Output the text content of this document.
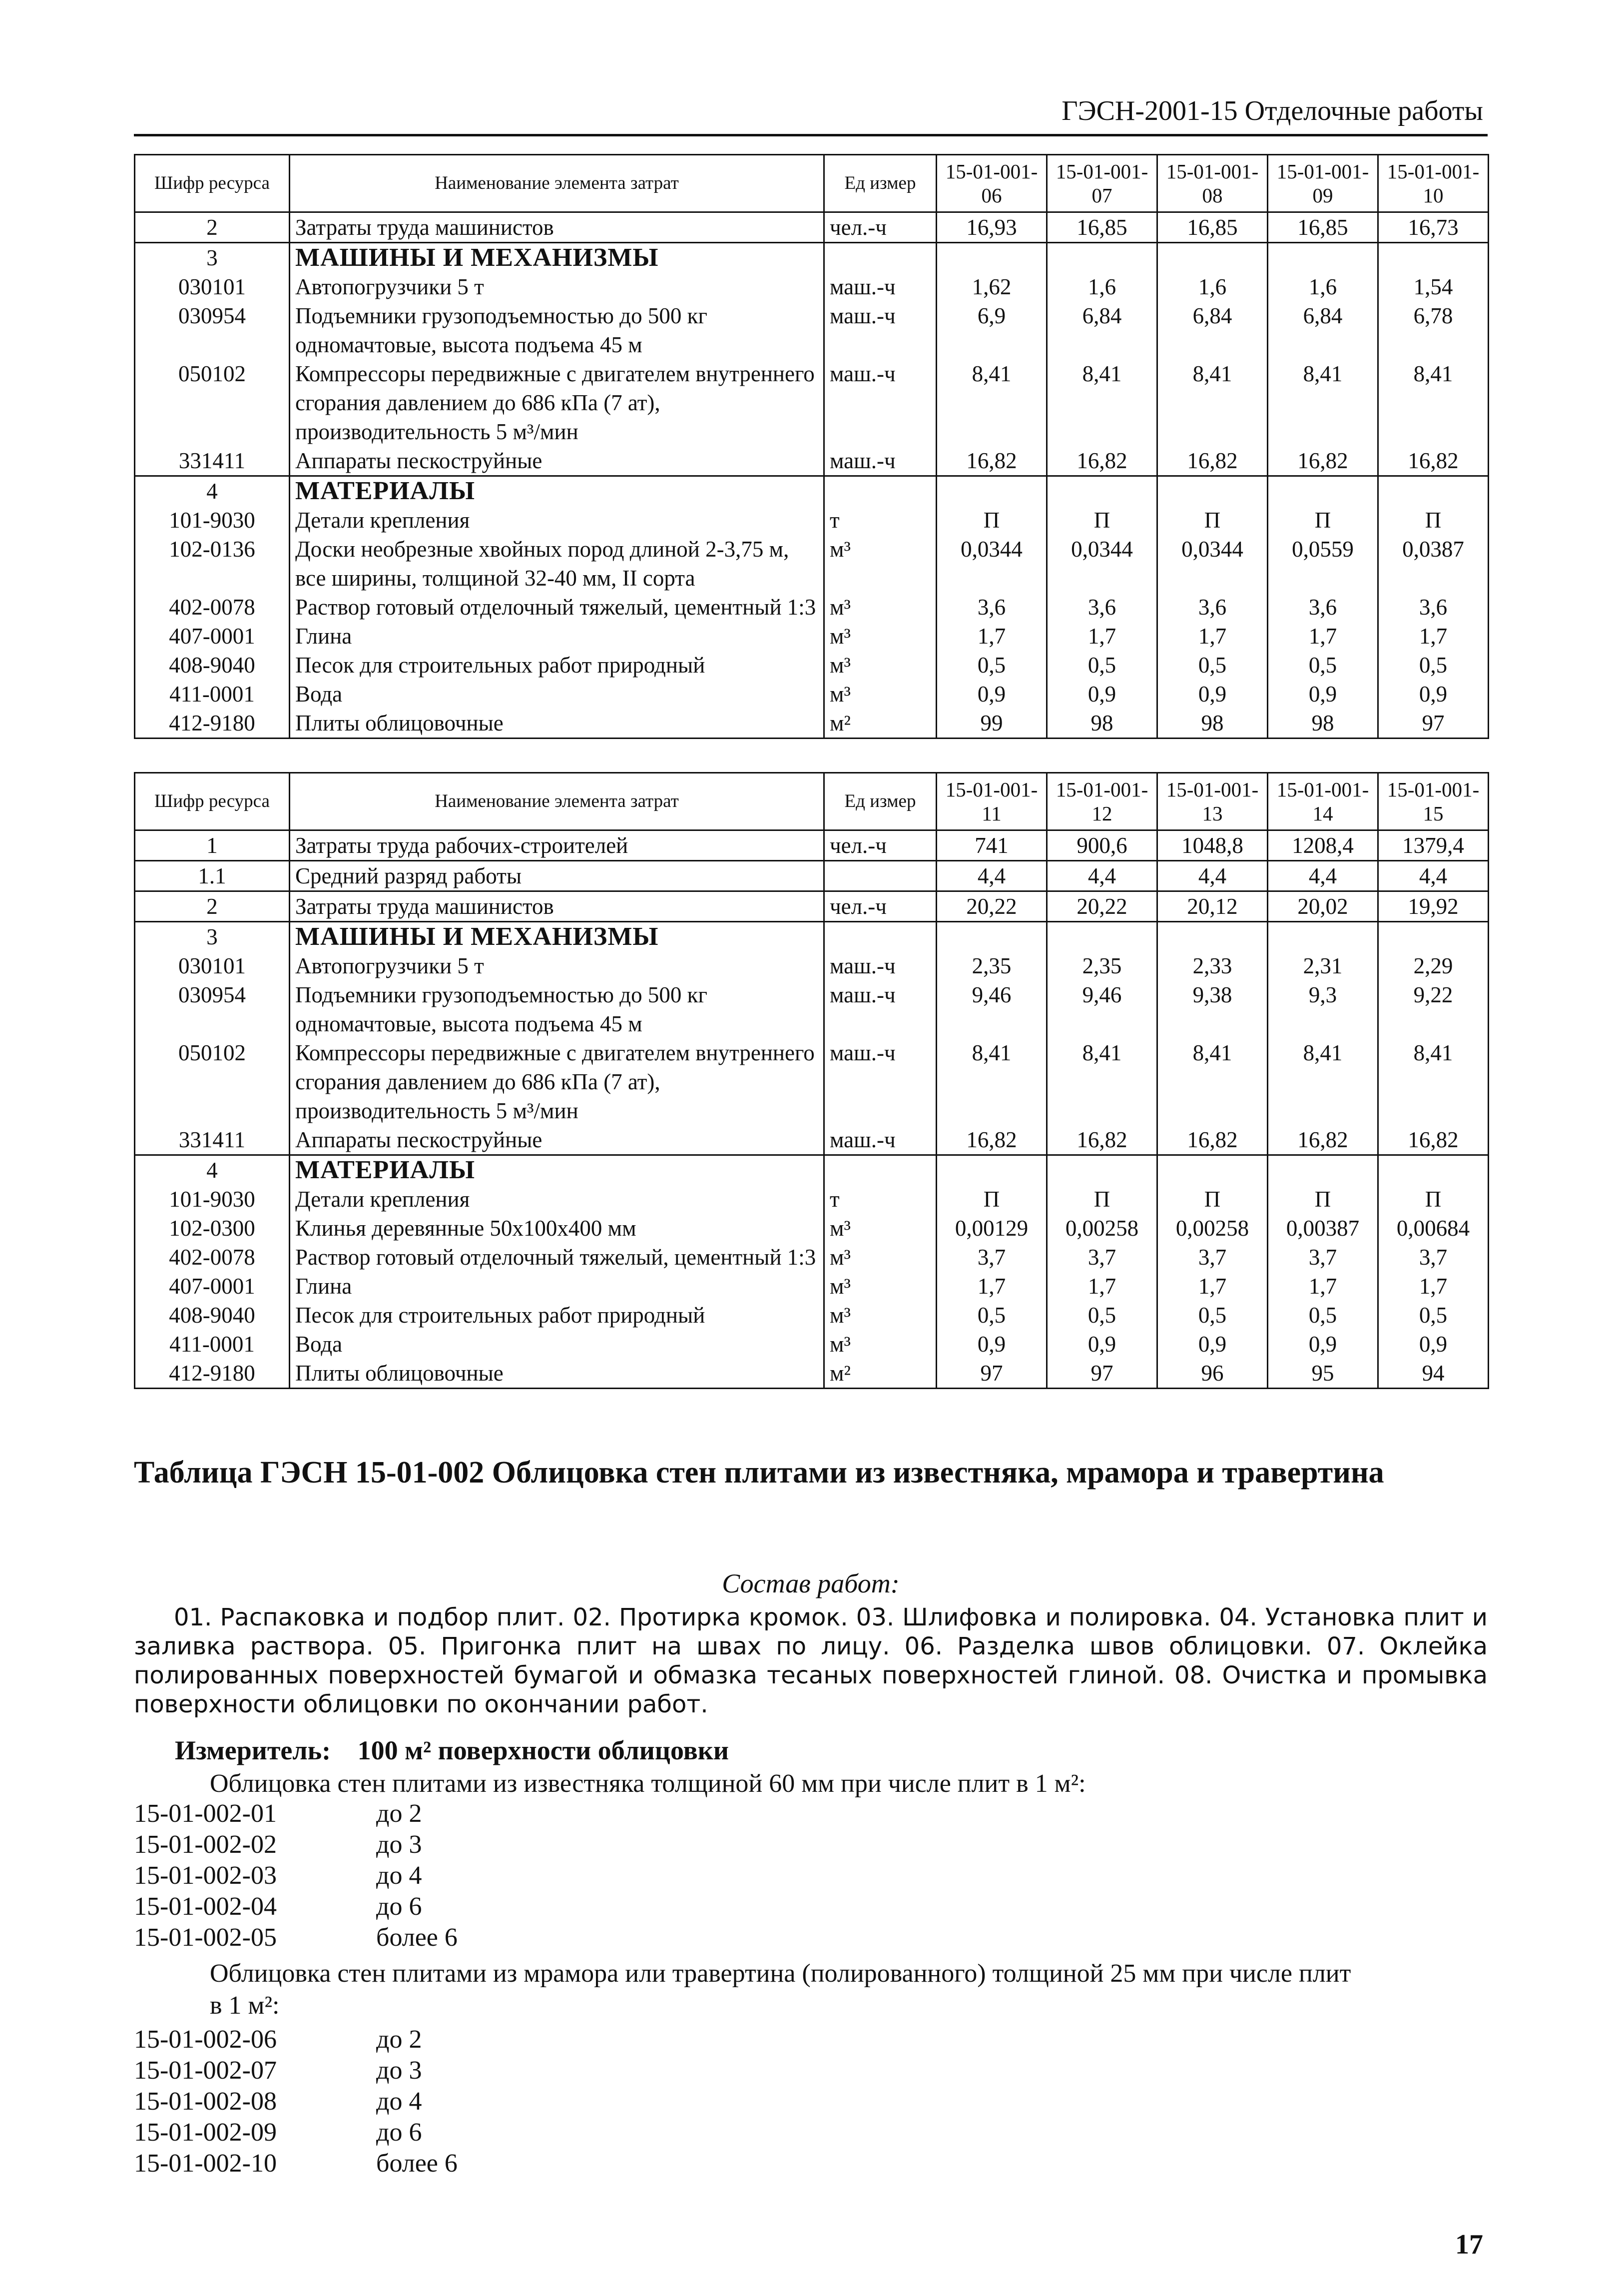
ГЭСН-2001-15 Отделочные работы
Шифр ресурса	Наименование элемента затрат	Ед измер	15-01-001-06	15-01-001-07	15-01-001-08	15-01-001-09	15-01-001-10
2	Затраты труда машинистов	чел.-ч	16,93	16,85	16,85	16,85	16,73
3	МАШИНЫ И МЕХАНИЗМЫ						
030101	Автопогрузчики 5 т	маш.-ч	1,62	1,6	1,6	1,6	1,54
030954	Подъемники грузоподъемностью до 500 кг одномачтовые, высота подъема 45 м	маш.-ч	6,9	6,84	6,84	6,84	6,78
050102	Компрессоры передвижные с двигателем внутреннего сгорания давлением до 686 кПа (7 ат), производительность 5 м³/мин	маш.-ч	8,41	8,41	8,41	8,41	8,41
331411	Аппараты пескоструйные	маш.-ч	16,82	16,82	16,82	16,82	16,82
4	МАТЕРИАЛЫ						
101-9030	Детали крепления	т	П	П	П	П	П
102-0136	Доски необрезные хвойных пород длиной 2-3,75 м, все ширины, толщиной 32-40 мм, II сорта	м³	0,0344	0,0344	0,0344	0,0559	0,0387
402-0078	Раствор готовый отделочный тяжелый, цементный 1:3	м³	3,6	3,6	3,6	3,6	3,6
407-0001	Глина	м³	1,7	1,7	1,7	1,7	1,7
408-9040	Песок для строительных работ природный	м³	0,5	0,5	0,5	0,5	0,5
411-0001	Вода	м³	0,9	0,9	0,9	0,9	0,9
412-9180	Плиты облицовочные	м²	99	98	98	98	97
Шифр ресурса	Наименование элемента затрат	Ед измер	15-01-001-11	15-01-001-12	15-01-001-13	15-01-001-14	15-01-001-15
1	Затраты труда рабочих-строителей	чел.-ч	741	900,6	1048,8	1208,4	1379,4
1.1	Средний разряд работы		4,4	4,4	4,4	4,4	4,4
2	Затраты труда машинистов	чел.-ч	20,22	20,22	20,12	20,02	19,92
3	МАШИНЫ И МЕХАНИЗМЫ						
030101	Автопогрузчики 5 т	маш.-ч	2,35	2,35	2,33	2,31	2,29
030954	Подъемники грузоподъемностью до 500 кг одномачтовые, высота подъема 45 м	маш.-ч	9,46	9,46	9,38	9,3	9,22
050102	Компрессоры передвижные с двигателем внутреннего сгорания давлением до 686 кПа (7 ат), производительность 5 м³/мин	маш.-ч	8,41	8,41	8,41	8,41	8,41
331411	Аппараты пескоструйные	маш.-ч	16,82	16,82	16,82	16,82	16,82
4	МАТЕРИАЛЫ						
101-9030	Детали крепления	т	П	П	П	П	П
102-0300	Клинья деревянные 50х100х400 мм	м³	0,00129	0,00258	0,00258	0,00387	0,00684
402-0078	Раствор готовый отделочный тяжелый, цементный 1:3	м³	3,7	3,7	3,7	3,7	3,7
407-0001	Глина	м³	1,7	1,7	1,7	1,7	1,7
408-9040	Песок для строительных работ природный	м³	0,5	0,5	0,5	0,5	0,5
411-0001	Вода	м³	0,9	0,9	0,9	0,9	0,9
412-9180	Плиты облицовочные	м²	97	97	96	95	94
Таблица ГЭСН 15-01-002 Облицовка стен плитами из известняка, мрамора и травертина
Состав работ:
01. Распаковка и подбор плит. 02. Протирка кромок. 03. Шлифовка и полировка. 04. Установка плит и заливка раствора. 05. Пригонка плит на швах по лицу. 06. Разделка швов облицовки. 07. Оклейка полированных поверхностей бумагой и обмазка тесаных поверхностей глиной. 08. Очистка и промывка поверхности облицовки по окончании работ.
Измеритель: 100 м² поверхности облицовки
Облицовка стен плитами из известняка толщиной 60 мм при числе плит в 1 м²:
15-01-002-01	до 2
15-01-002-02	до 3
15-01-002-03	до 4
15-01-002-04	до 6
15-01-002-05	более 6
Облицовка стен плитами из мрамора или травертина (полированного) толщиной 25 мм при числе плит в 1 м²:
15-01-002-06	до 2
15-01-002-07	до 3
15-01-002-08	до 4
15-01-002-09	до 6
15-01-002-10	более 6
17
